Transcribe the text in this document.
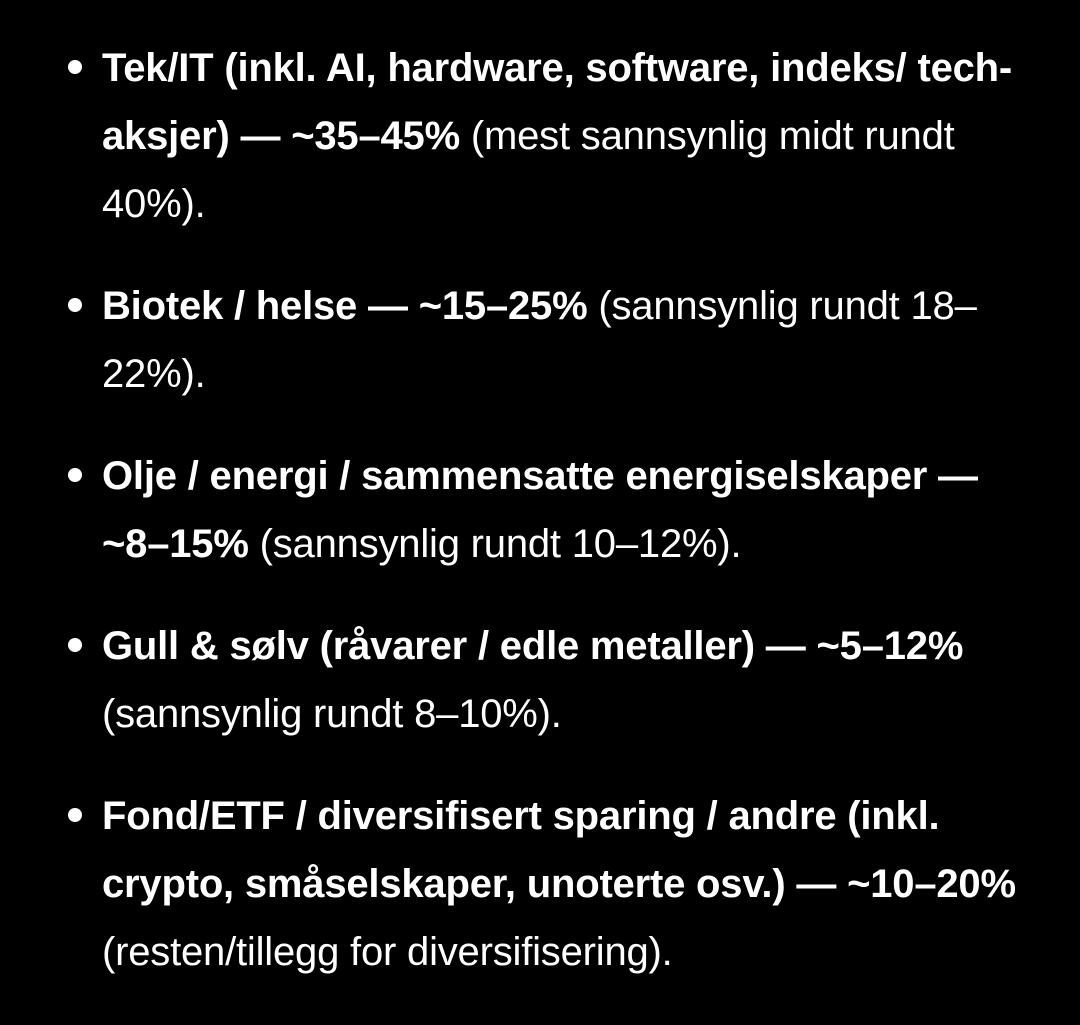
Tek/IT (inkl. AI, hardware, software, indeks/ tech-aksjer) — ~35–45% (mest sannsynlig midt rundt 40%).
Biotek / helse — ~15–25% (sannsynlig rundt 18–22%).
Olje / energi / sammensatte energiselskaper — ~8–15% (sannsynlig rundt 10–12%).
Gull & sølv (råvarer / edle metaller) — ~5–12% (sannsynlig rundt 8–10%).
Fond/ETF / diversifisert sparing / andre (inkl. crypto, småselskaper, unoterte osv.) — ~10–20% (resten/tillegg for diversifisering).
